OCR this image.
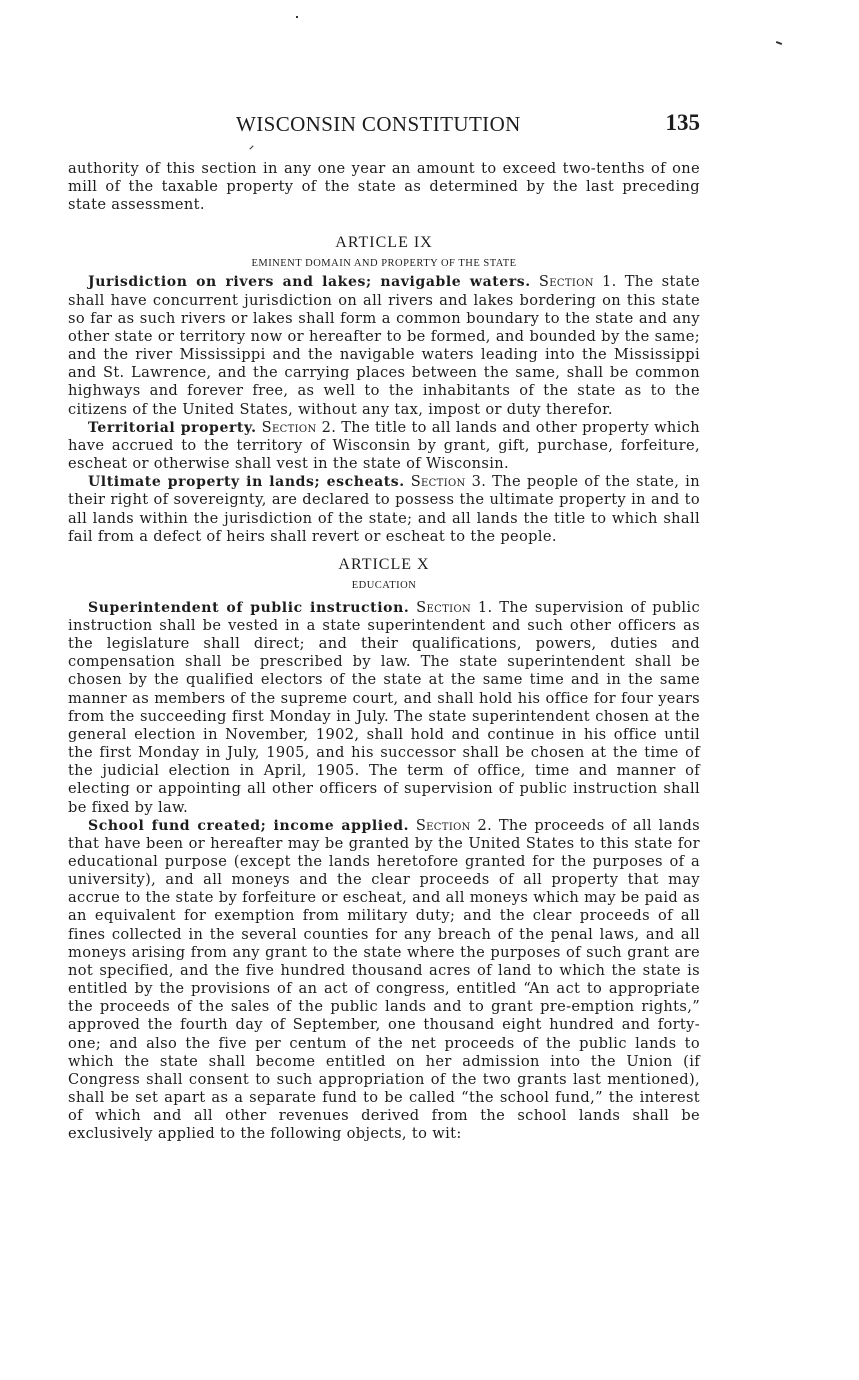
WISCONSIN CONSTITUTION	135

authority of this section in any one year an amount to exceed two-tenths of one mill of the taxable property of the state as determined by the last preceding state assessment.

ARTICLE IX
EMINENT DOMAIN AND PROPERTY OF THE STATE

Jurisdiction on rivers and lakes; navigable waters. Section 1. The state shall have concurrent jurisdiction on all rivers and lakes bordering on this state so far as such rivers or lakes shall form a common boundary to the state and any other state or territory now or hereafter to be formed, and bounded by the same; and the river Mississippi and the navigable waters leading into the Mississippi and St. Lawrence, and the carrying places between the same, shall be common highways and forever free, as well to the inhabitants of the state as to the citizens of the United States, without any tax, impost or duty therefor.

Territorial property. Section 2. The title to all lands and other property which have accrued to the territory of Wisconsin by grant, gift, purchase, forfeiture, escheat or otherwise shall vest in the state of Wisconsin.

Ultimate property in lands; escheats. Section 3. The people of the state, in their right of sovereignty, are declared to possess the ultimate property in and to all lands within the jurisdiction of the state; and all lands the title to which shall fail from a defect of heirs shall revert or escheat to the people.

ARTICLE X
EDUCATION

Superintendent of public instruction. Section 1. The supervision of public instruction shall be vested in a state superintendent and such other officers as the legislature shall direct; and their qualifications, powers, duties and compensation shall be prescribed by law. The state superintendent shall be chosen by the qualified electors of the state at the same time and in the same manner as members of the supreme court, and shall hold his office for four years from the succeeding first Monday in July. The state superintendent chosen at the general election in November, 1902, shall hold and continue in his office until the first Monday in July, 1905, and his successor shall be chosen at the time of the judicial election in April, 1905. The term of office, time and manner of electing or appointing all other officers of supervision of public instruction shall be fixed by law.

School fund created; income applied. Section 2. The proceeds of all lands that have been or hereafter may be granted by the United States to this state for educational purpose (except the lands heretofore granted for the purposes of a university), and all moneys and the clear proceeds of all property that may accrue to the state by forfeiture or escheat, and all moneys which may be paid as an equivalent for exemption from military duty; and the clear proceeds of all fines collected in the several counties for any breach of the penal laws, and all moneys arising from any grant to the state where the purposes of such grant are not specified, and the five hundred thousand acres of land to which the state is entitled by the provisions of an act of congress, entitled “An act to appropriate the proceeds of the sales of the public lands and to grant pre-emption rights,” approved the fourth day of September, one thousand eight hundred and forty-one; and also the five per centum of the net proceeds of the public lands to which the state shall become entitled on her admission into the Union (if Congress shall consent to such appropriation of the two grants last mentioned), shall be set apart as a separate fund to be called “the school fund,” the interest of which and all other revenues derived from the school lands shall be exclusively applied to the following objects, to wit:
